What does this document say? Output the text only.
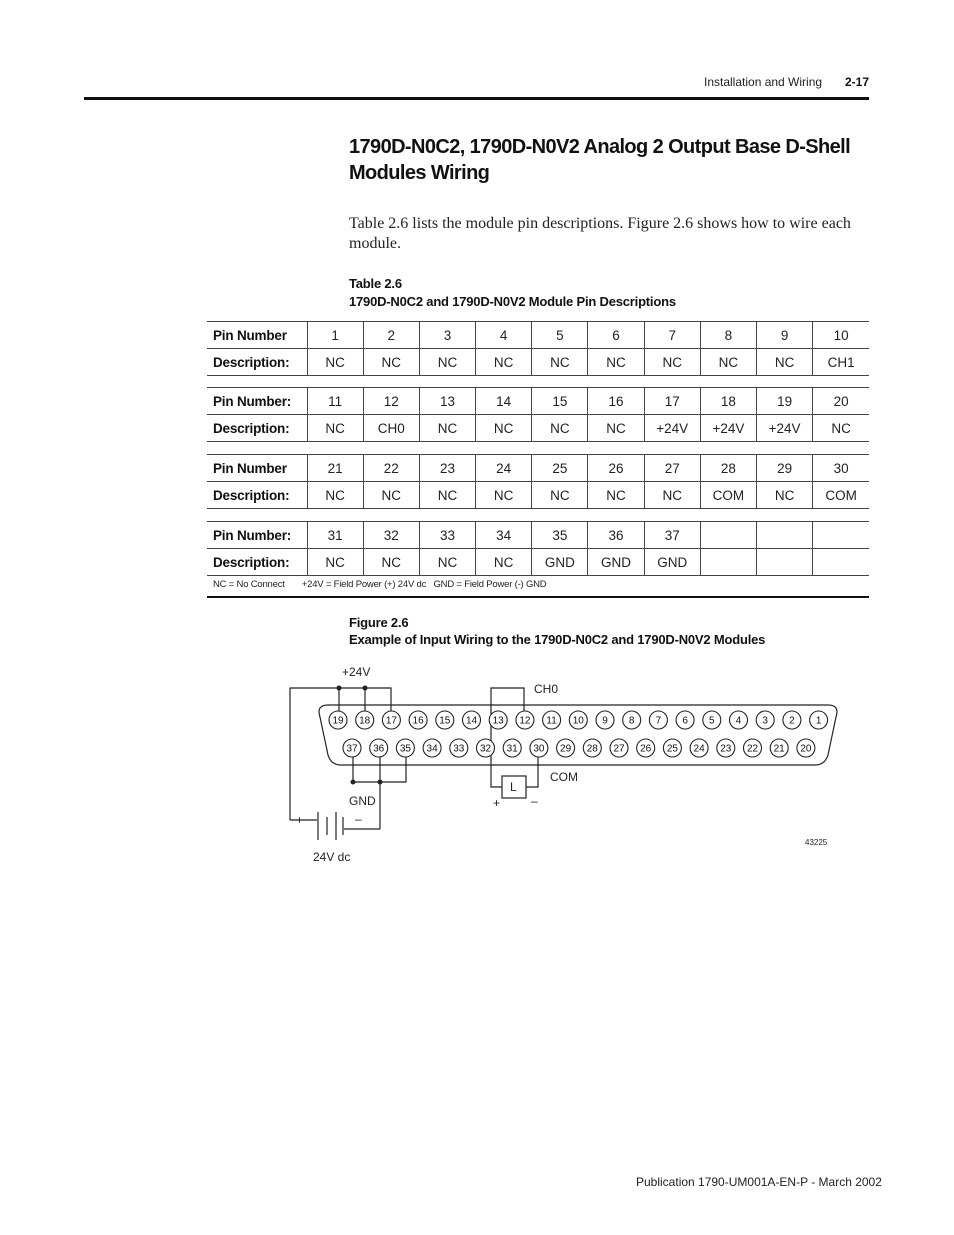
Installation and Wiring 2-17
1790D-N0C2, 1790D-N0V2 Analog 2 Output Base D-Shell Modules Wiring
Table 2.6 lists the module pin descriptions. Figure 2.6 shows how to wire each module.
Table 2.6
1790D-N0C2 and 1790D-N0V2 Module Pin Descriptions
Pin Number	1	2	3	4	5	6	7	8	9	10
Description:	NC	NC	NC	NC	NC	NC	NC	NC	NC	CH1
Pin Number:	11	12	13	14	15	16	17	18	19	20
Description:	NC	CH0	NC	NC	NC	NC	+24V	+24V	+24V	NC
Pin Number	21	22	23	24	25	26	27	28	29	30
Description:	NC	NC	NC	NC	NC	NC	NC	COM	NC	COM
Pin Number:	31	32	33	34	35	36	37			
Description:	NC	NC	NC	NC	GND	GND	GND			
NC = No Connect       +24V = Field Power (+) 24V dc   GND = Field Power (-) GND
Figure 2.6
Example of Input Wiring to the 1790D-N0C2 and 1790D-N0V2 Modules
19 18 17 16 15 14 13 12 11 10 9 8 7 6 5 4 3 2 1
37 36 35 34 33 32 31 30 29 28 27 26 25 24 23 22 21 20
+24V
CH0
COM
GND
L
+	–
+	–
24V dc
43225
Publication 1790-UM001A-EN-P - March 2002
